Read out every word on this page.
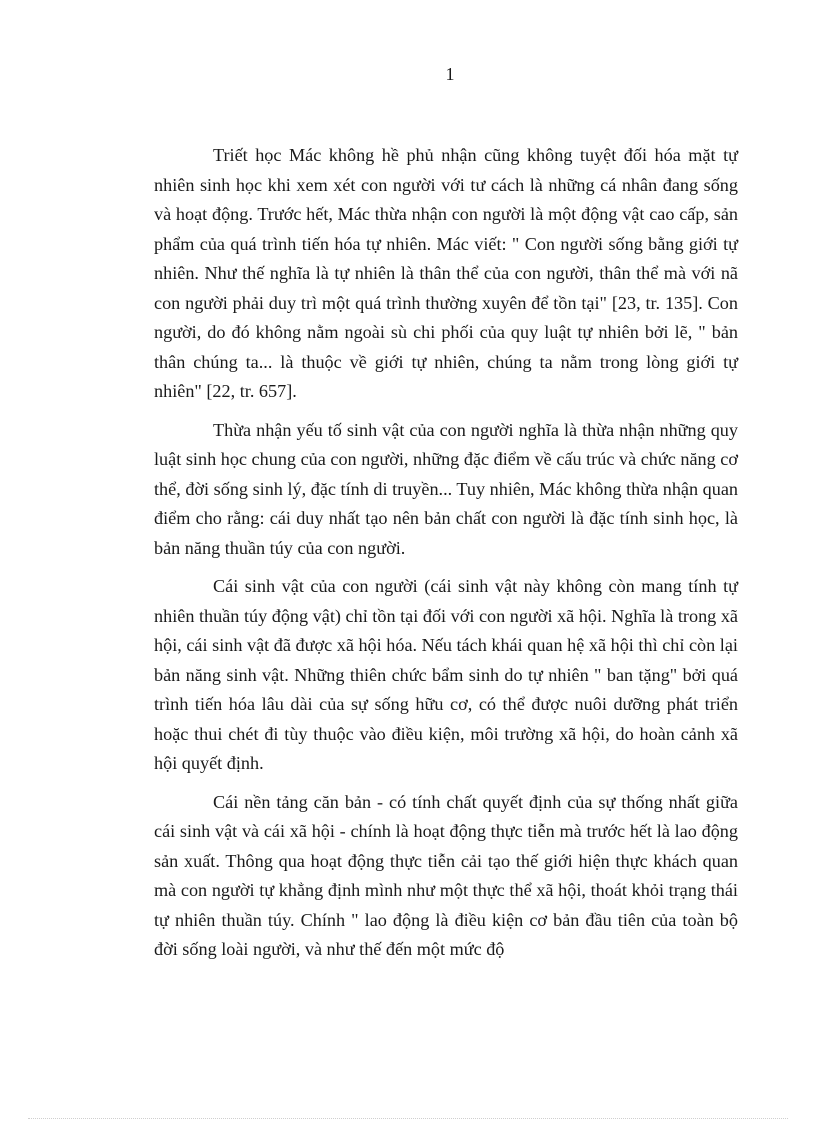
1

Triết học Mác không hề phủ nhận cũng không tuyệt đối hóa mặt tự nhiên sinh học khi xem xét con người với tư cách là những cá nhân đang sống và hoạt động. Trước hết, Mác thừa nhận con người là một động vật cao cấp, sản phẩm của quá trình tiến hóa tự nhiên. Mác viết: " Con người sống bằng giới tự nhiên. Như thế nghĩa là tự nhiên là thân thể của con người, thân thể mà với nã con người phải duy trì một quá trình thường xuyên để tồn tại" [23, tr. 135]. Con người, do đó không nằm ngoài sù chi phối của quy luật tự nhiên bởi lẽ, " bản thân chúng ta... là thuộc về giới tự nhiên, chúng ta nằm trong lòng giới tự nhiên" [22, tr. 657].

Thừa nhận yếu tố sinh vật của con người nghĩa là thừa nhận những quy luật sinh học chung của con người, những đặc điểm về cấu trúc và chức năng cơ thể, đời sống sinh lý, đặc tính di truyền... Tuy nhiên, Mác không thừa nhận quan điểm cho rằng: cái duy nhất tạo nên bản chất con người là đặc tính sinh học, là bản năng thuần túy của con người.

Cái sinh vật của con người (cái sinh vật này không còn mang tính tự nhiên thuần túy động vật) chỉ tồn tại đối với con người xã hội. Nghĩa là trong xã hội, cái sinh vật đã được xã hội hóa. Nếu tách khái quan hệ xã hội thì chỉ còn lại bản năng sinh vật. Những thiên chức bẩm sinh do tự nhiên " ban tặng" bởi quá trình tiến hóa lâu dài của sự sống hữu cơ, có thể được nuôi dưỡng phát triển hoặc thui chét đi tùy thuộc vào điều kiện, môi trường xã hội, do hoàn cảnh xã hội quyết định.

Cái nền tảng căn bản - có tính chất quyết định của sự thống nhất giữa cái sinh vật và cái xã hội - chính là hoạt động thực tiễn mà trước hết là lao động sản xuất. Thông qua hoạt động thực tiễn cải tạo thế giới hiện thực khách quan mà con người tự khẳng định mình như một thực thể xã hội, thoát khỏi trạng thái tự nhiên thuần túy. Chính " lao động là điều kiện cơ bản đầu tiên của toàn bộ đời sống loài người, và như thế đến một mức độ
